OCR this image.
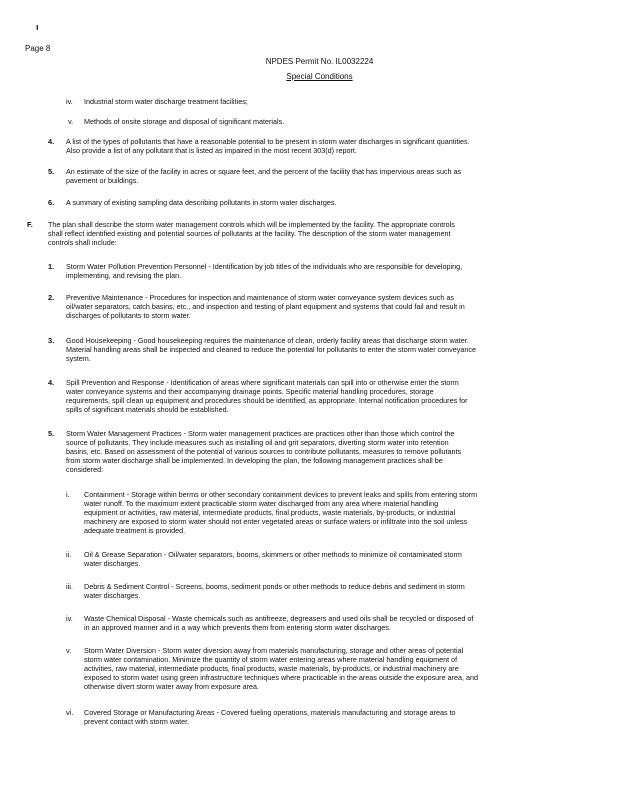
ı
Page 8
NPDES Permit No. IL0032224
Special Conditions
iv. Industrial storm water discharge treatment facilities;
v. Methods of onsite storage and disposal of significant materials.
4. A list of the types of pollutants that have a reasonable potential to be present in storm water discharges in significant quantities.
Also provide a list of any pollutant that is listed as impaired in the most recent 303(d) report.
5. An estimate of the size of the facility in acres or square feet, and the percent of the facility that has impervious areas such as
pavement or buildings.
6. A summary of existing sampling data describing pollutants in storm water discharges.
F. The plan shall describe the storm water management controls which will be implemented by the facility. The appropriate controls
shall reflect identified existing and potential sources of pollutants at the facility. The description of the storm water management
controls shall include:
1. Storm Water Pollution Prevention Personnel - Identification by job titles of the individuals who are responsible for developing,
implementing, and revising the plan.
2. Preventive Maintenance - Procedures for inspection and maintenance of storm water conveyance system devices such as
oil/water separators, catch basins, etc., and inspection and testing of plant equipment and systems that could fail and result in
discharges of pollutants to storm water.
3. Good Housekeeping - Good housekeeping requires the maintenance of clean, orderly facility areas that discharge storm water.
Material handling areas shall be inspected and cleaned to reduce the potential for pollutants to enter the storm water conveyance
system.
4. Spill Prevention and Response - Identification of areas where significant materials can spill into or otherwise enter the storm
water conveyance systems and their accompanying drainage points. Specific material handling procedures, storage
requirements, spill clean up equipment and procedures should be identified, as appropriate. Internal notification procedures for
spills of significant materials should be established.
5. Storm Water Management Practices - Storm water management practices are practices other than those which control the
source of pollutants. They include measures such as installing oil and grit separators, diverting storm water into retention
basins, etc. Based on assessment of the potential of various sources to contribute pollutants, measures to remove pollutants
from storm water discharge shall be implemented. In developing the plan, the following management practices shall be
considered:
i. Containment - Storage within berms or other secondary containment devices to prevent leaks and spills from entering storm
water runoff. To the maximum extent practicable storm water discharged from any area where material handling
equipment or activities, raw material, intermediate products, final products, waste materials, by-products, or industrial
machinery are exposed to storm water should not enter vegetated areas or surface waters or infiltrate into the soil unless
adequate treatment is provided.
ii. Oil & Grease Separation - Oil/water separators, booms, skimmers or other methods to minimize oil contaminated storm
water discharges.
iii. Debris & Sediment Control - Screens, booms, sediment ponds or other methods to reduce debris and sediment in storm
water discharges.
iv. Waste Chemical Disposal - Waste chemicals such as antifreeze, degreasers and used oils shall be recycled or disposed of
in an approved manner and in a way which prevents them from entering storm water discharges.
v. Storm Water Diversion - Storm water diversion away from materials manufacturing, storage and other areas of potential
storm water contamination. Minimize the quantity of storm water entering areas where material handling equipment of
activities, raw material, intermediate products, final products, waste materials, by-products, or industrial machinery are
exposed to storm water using green infrastructure techniques where practicable in the areas outside the exposure area, and
otherwise divert storm water away from exposure area.
vi. Covered Storage or Manufacturing Areas - Covered fueling operations, materials manufacturing and storage areas to
prevent contact with storm water.
